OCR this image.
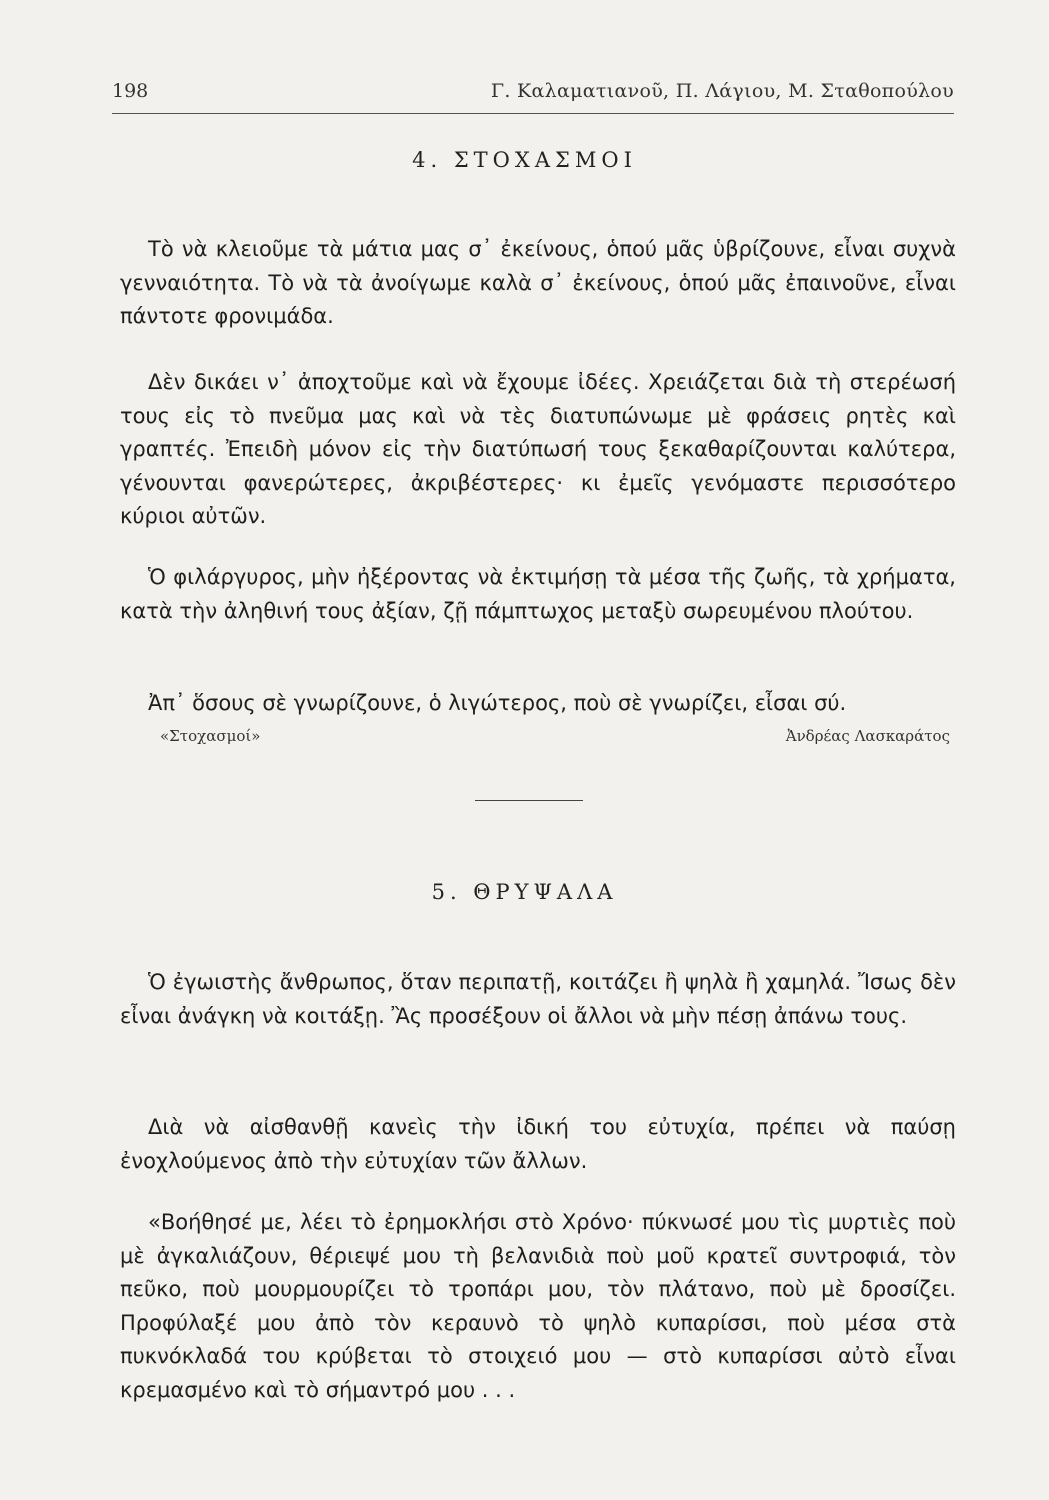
198	Γ. Καλαματιανοῦ, Π. Λάγιου, Μ. Σταθοπούλου
4. ΣΤΟΧΑΣΜΟΙ

Τὸ νὰ κλειοῦμε τὰ μάτια μας σ᾽ ἐκείνους, ὁπού μᾶς ὑβρίζουνε, εἶναι συχνὰ γενναιότητα. Τὸ νὰ τὰ ἀνοίγωμε καλὰ σ᾽ ἐκείνους, ὁπού μᾶς ἐπαινοῦνε, εἶναι πάντοτε φρονιμάδα.

Δὲν δικάει ν᾽ ἀποχτοῦμε καὶ νὰ ἔχουμε ἰδέες. Χρειάζεται διὰ τὴ στερέωσή τους εἰς τὸ πνεῦμα μας καὶ νὰ τὲς διατυπώνωμε μὲ φράσεις ρητὲς καὶ γραπτές. Ἐπειδὴ μόνον εἰς τὴν διατύπωσή τους ξεκαθαρίζουνται καλύτερα, γένουνται φανερώτερες, ἀκριβέστερες· κι ἐμεῖς γενόμαστε περισσότερο κύριοι αὐτῶν.

Ὁ φιλάργυρος, μὴν ἠξέροντας νὰ ἐκτιμήσῃ τὰ μέσα τῆς ζωῆς, τὰ χρήματα, κατὰ τὴν ἀληθινή τους ἀξίαν, ζῇ πάμπτωχος μεταξὺ σωρευμένου πλούτου.

Ἀπ᾽ ὅσους σὲ γνωρίζουνε, ὁ λιγώτερος, ποὺ σὲ γνωρίζει, εἶσαι σύ.

«Στοχασμοί»	Ἀνδρέας Λασκαράτος
5. ΘΡΥΨΑΛΑ

Ὁ ἐγωιστὴς ἄνθρωπος, ὅταν περιπατῇ, κοιτάζει ἢ ψηλὰ ἢ χαμηλά. Ἴσως δὲν εἶναι ἀνάγκη νὰ κοιτάξῃ. Ἂς προσέξουν οἱ ἄλλοι νὰ μὴν πέσῃ ἀπάνω τους.

Διὰ νὰ αἰσθανθῇ κανεὶς τὴν ἰδική του εὐτυχία, πρέπει νὰ παύσῃ ἐνοχλούμενος ἀπὸ τὴν εὐτυχίαν τῶν ἄλλων.

«Βοήθησέ με, λέει τὸ ἐρημοκλήσι στὸ Χρόνο· πύκνωσέ μου τὶς μυρτιὲς ποὺ μὲ ἀγκαλιάζουν, θέριεψέ μου τὴ βελανιδιὰ ποὺ μοῦ κρατεῖ συντροφιά, τὸν πεῦκο, ποὺ μουρμουρίζει τὸ τροπάρι μου, τὸν πλάτανο, ποὺ μὲ δροσίζει. Προφύλαξέ μου ἀπὸ τὸν κεραυνὸ τὸ ψηλὸ κυπαρίσσι, ποὺ μέσα στὰ πυκνόκλαδά του κρύβεται τὸ στοιχειό μου — στὸ κυπαρίσσι αὐτὸ εἶναι κρεμασμένο καὶ τὸ σήμαντρό μου . . .
